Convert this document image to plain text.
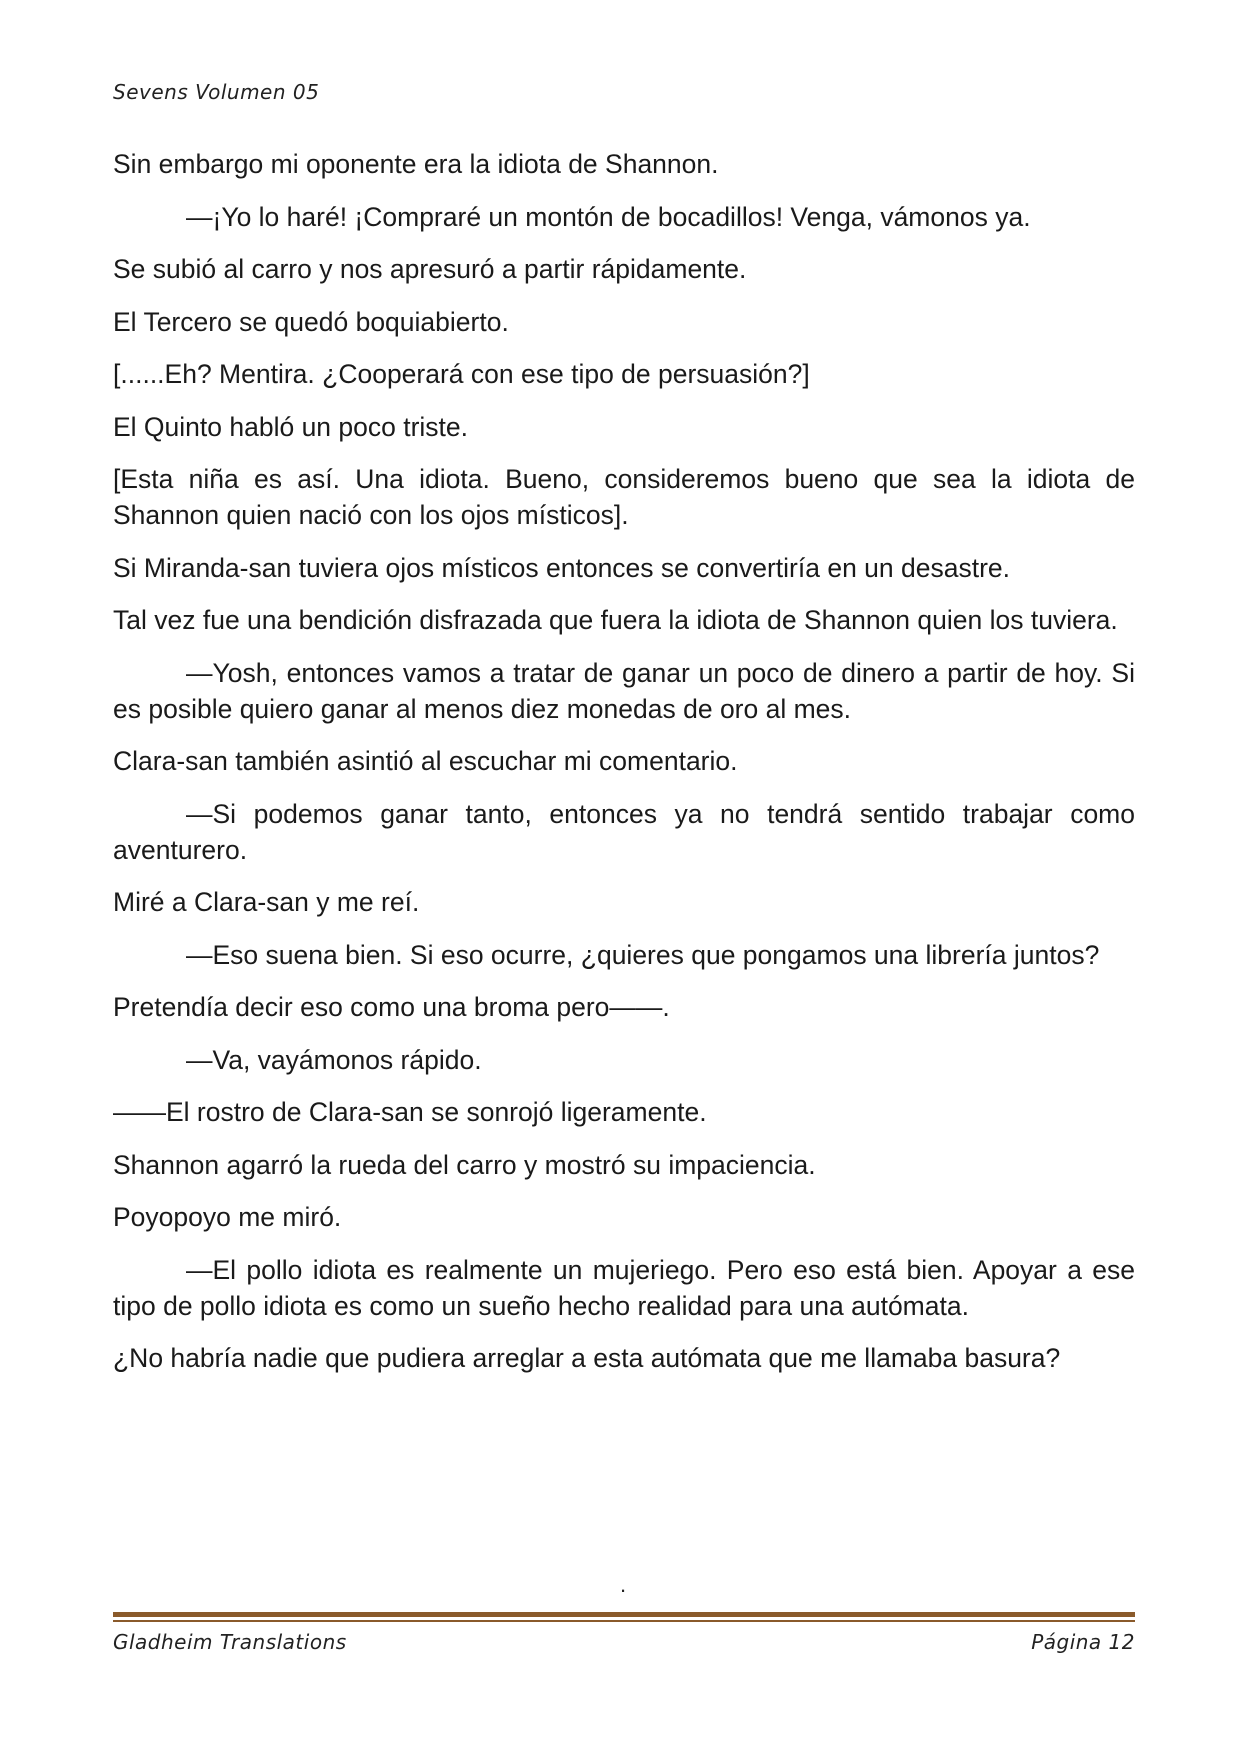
Sevens Volumen 05

Sin embargo mi oponente era la idiota de Shannon.

—¡Yo lo haré! ¡Compraré un montón de bocadillos! Venga, vámonos ya.

Se subió al carro y nos apresuró a partir rápidamente.

El Tercero se quedó boquiabierto.

[......Eh? Mentira. ¿Cooperará con ese tipo de persuasión?]

El Quinto habló un poco triste.

[Esta niña es así. Una idiota. Bueno, consideremos bueno que sea la idiota de Shannon quien nació con los ojos místicos].

Si Miranda-san tuviera ojos místicos entonces se convertiría en un desastre.

Tal vez fue una bendición disfrazada que fuera la idiota de Shannon quien los tuviera.

—Yosh, entonces vamos a tratar de ganar un poco de dinero a partir de hoy. Si es posible quiero ganar al menos diez monedas de oro al mes.

Clara-san también asintió al escuchar mi comentario.

—Si podemos ganar tanto, entonces ya no tendrá sentido trabajar como aventurero.

Miré a Clara-san y me reí.

—Eso suena bien. Si eso ocurre, ¿quieres que pongamos una librería juntos?

Pretendía decir eso como una broma pero——.

—Va, vayámonos rápido.

——El rostro de Clara-san se sonrojó ligeramente.

Shannon agarró la rueda del carro y mostró su impaciencia.

Poyopoyo me miró.

—El pollo idiota es realmente un mujeriego. Pero eso está bien. Apoyar a ese tipo de pollo idiota es como un sueño hecho realidad para una autómata.

¿No habría nadie que pudiera arreglar a esta autómata que me llamaba basura?

.
Gladheim Translations	Página 12
